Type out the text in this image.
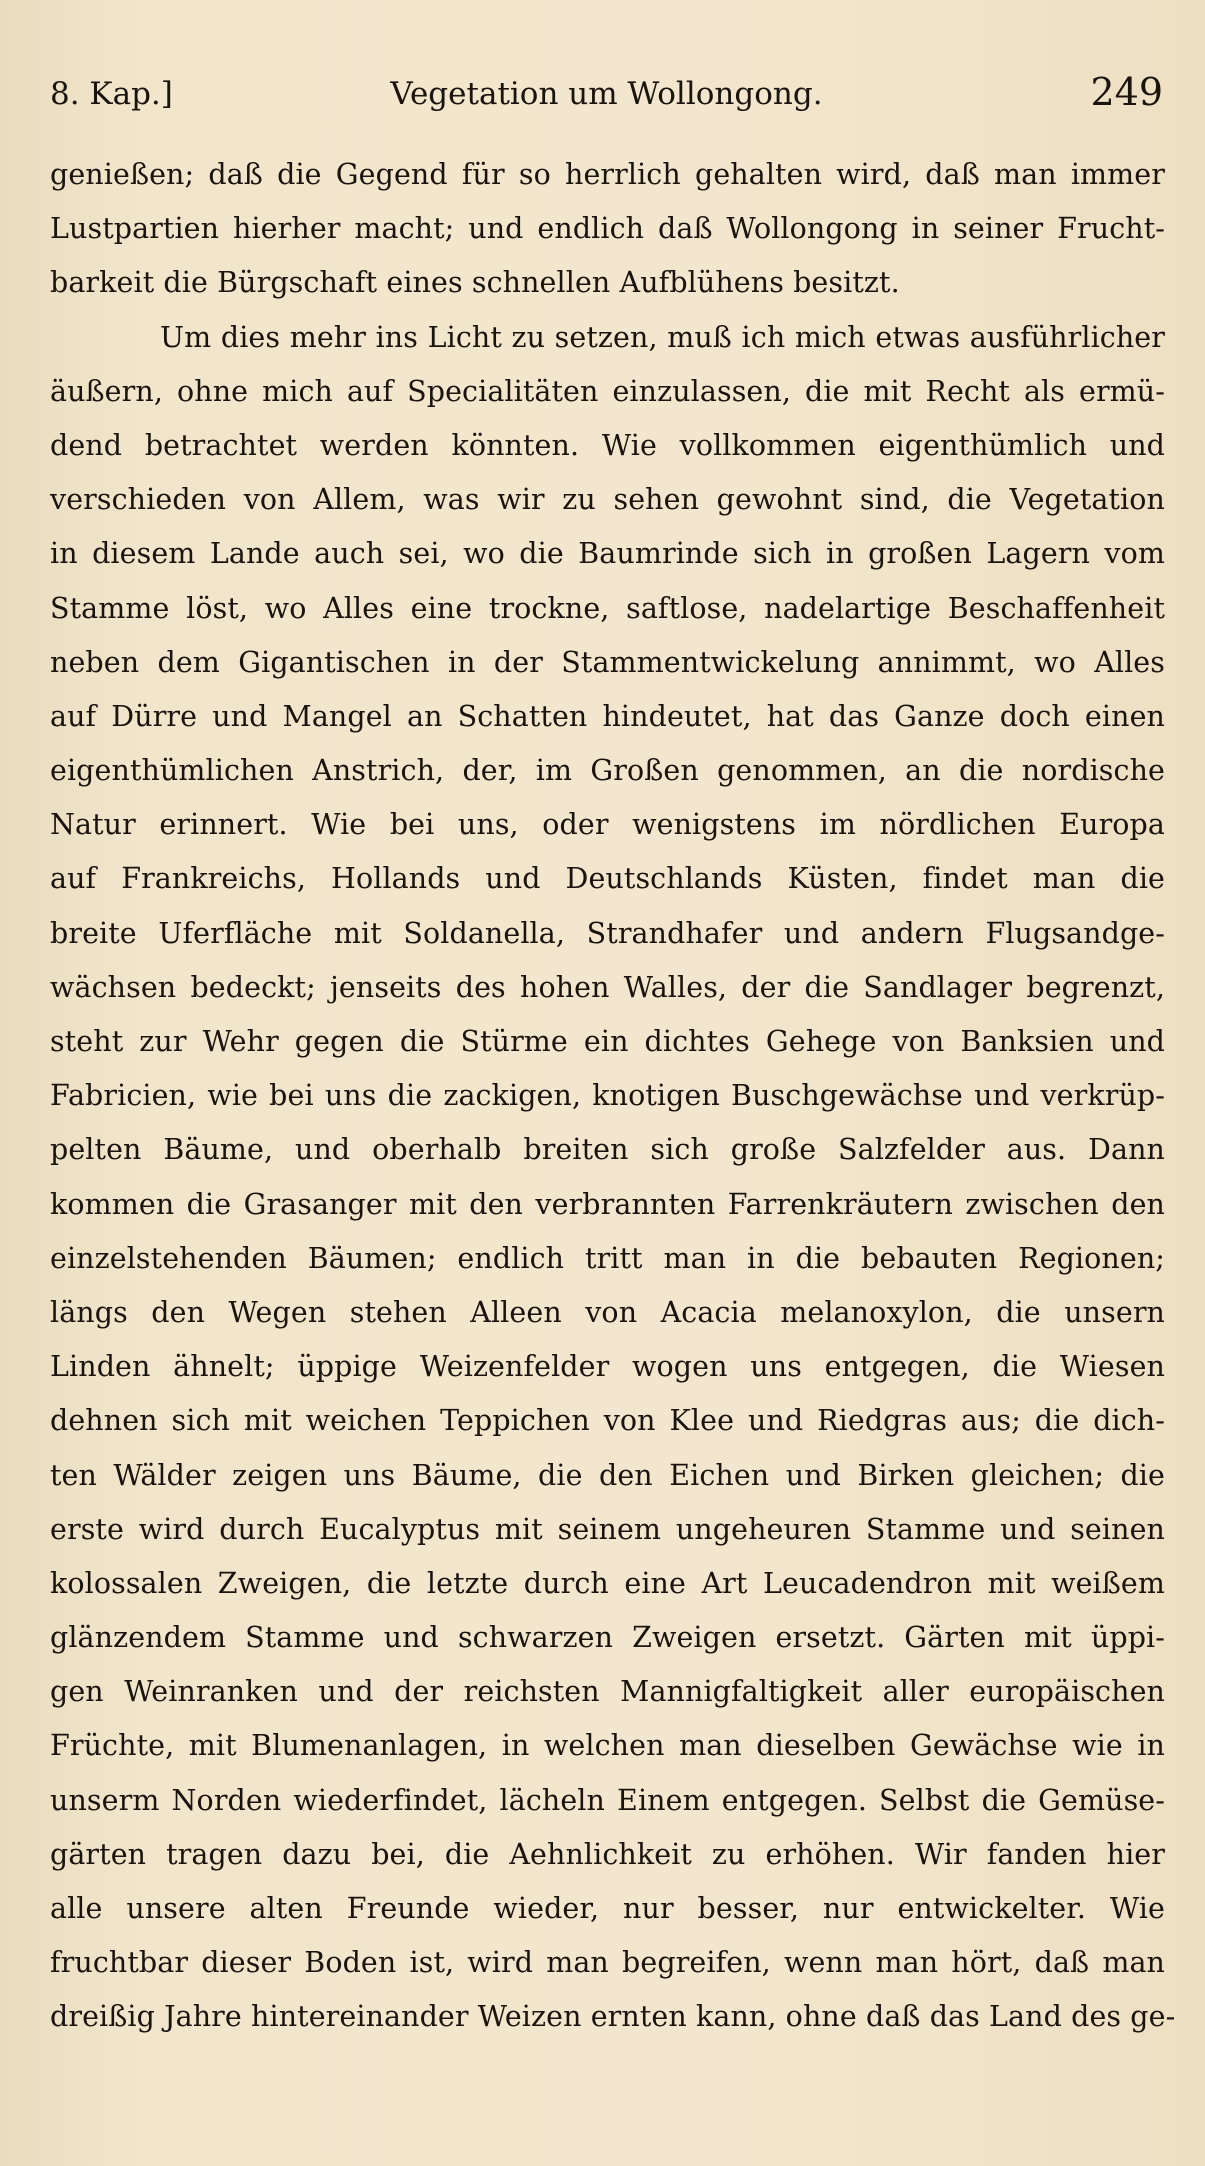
8. Kap.]	Vegetation um Wollongong.	249
genießen; daß die Gegend für so herrlich gehalten wird, daß man immer
Lustpartien hierher macht; und endlich daß Wollongong in seiner Frucht-
barkeit die Bürgschaft eines schnellen Aufblühens besitzt.
Um dies mehr ins Licht zu setzen, muß ich mich etwas ausführlicher
äußern, ohne mich auf Specialitäten einzulassen, die mit Recht als ermü-
dend betrachtet werden könnten. Wie vollkommen eigenthümlich und
verschieden von Allem, was wir zu sehen gewohnt sind, die Vegetation
in diesem Lande auch sei, wo die Baumrinde sich in großen Lagern vom
Stamme löst, wo Alles eine trockne, saftlose, nadelartige Beschaffenheit
neben dem Gigantischen in der Stammentwickelung annimmt, wo Alles
auf Dürre und Mangel an Schatten hindeutet, hat das Ganze doch einen
eigenthümlichen Anstrich, der, im Großen genommen, an die nordische
Natur erinnert. Wie bei uns, oder wenigstens im nördlichen Europa
auf Frankreichs, Hollands und Deutschlands Küsten, findet man die
breite Uferfläche mit Soldanella, Strandhafer und andern Flugsandge-
wächsen bedeckt; jenseits des hohen Walles, der die Sandlager begrenzt,
steht zur Wehr gegen die Stürme ein dichtes Gehege von Banksien und
Fabricien, wie bei uns die zackigen, knotigen Buschgewächse und verkrüp-
pelten Bäume, und oberhalb breiten sich große Salzfelder aus. Dann
kommen die Grasanger mit den verbrannten Farrenkräutern zwischen den
einzelstehenden Bäumen; endlich tritt man in die bebauten Regionen;
längs den Wegen stehen Alleen von Acacia melanoxylon, die unsern
Linden ähnelt; üppige Weizenfelder wogen uns entgegen, die Wiesen
dehnen sich mit weichen Teppichen von Klee und Riedgras aus; die dich-
ten Wälder zeigen uns Bäume, die den Eichen und Birken gleichen; die
erste wird durch Eucalyptus mit seinem ungeheuren Stamme und seinen
kolossalen Zweigen, die letzte durch eine Art Leucadendron mit weißem
glänzendem Stamme und schwarzen Zweigen ersetzt. Gärten mit üppi-
gen Weinranken und der reichsten Mannigfaltigkeit aller europäischen
Früchte, mit Blumenanlagen, in welchen man dieselben Gewächse wie in
unserm Norden wiederfindet, lächeln Einem entgegen. Selbst die Gemüse-
gärten tragen dazu bei, die Aehnlichkeit zu erhöhen. Wir fanden hier
alle unsere alten Freunde wieder, nur besser, nur entwickelter. Wie
fruchtbar dieser Boden ist, wird man begreifen, wenn man hört, daß man
dreißig Jahre hintereinander Weizen ernten kann, ohne daß das Land des ge-
